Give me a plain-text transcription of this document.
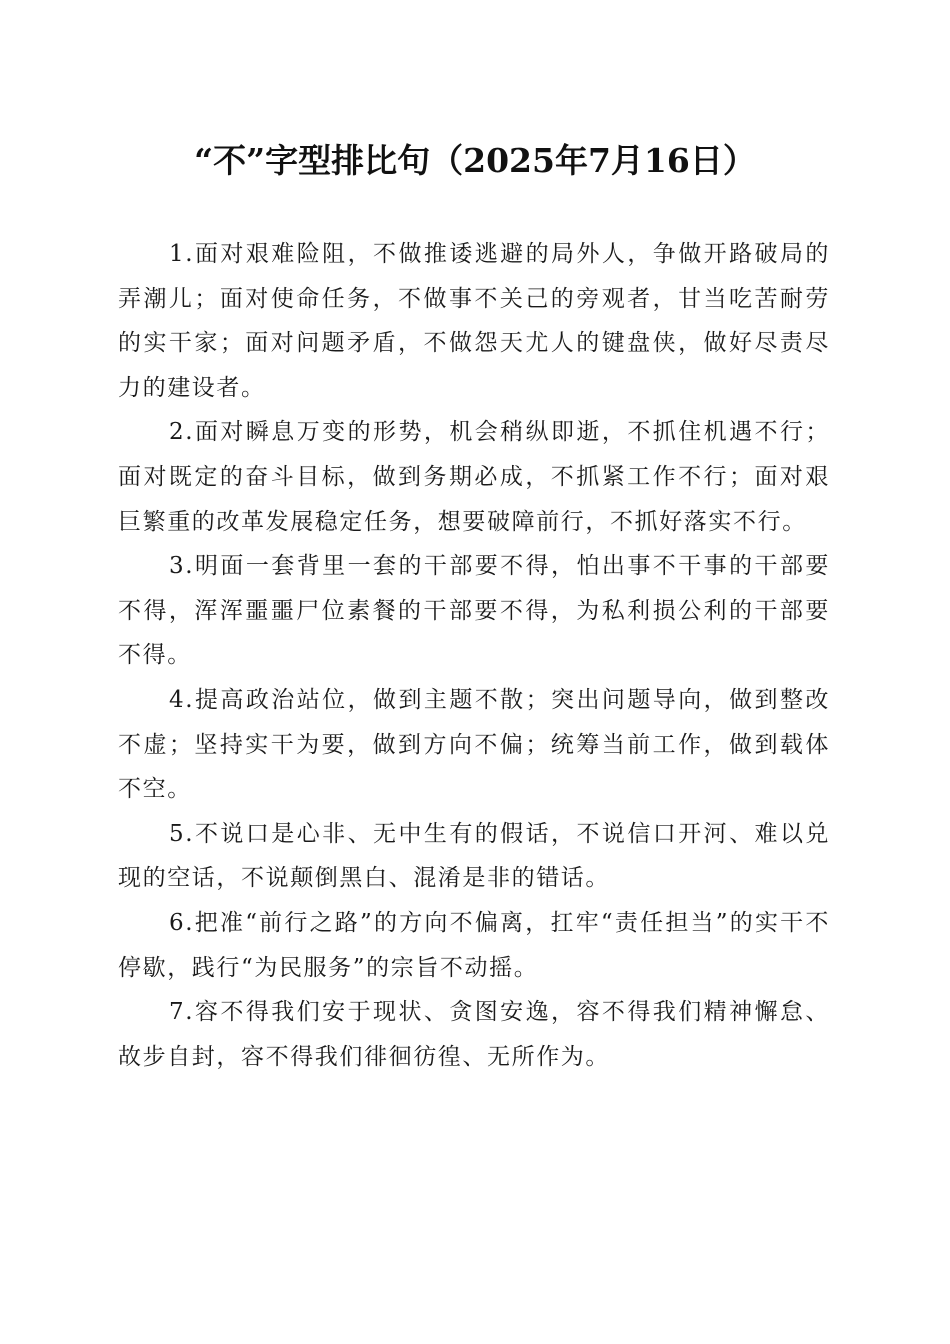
“不”字型排比句（2025年7月16日）

1.面对艰难险阻，不做推诿逃避的局外人，争做开路破局的弄潮儿；面对使命任务，不做事不关己的旁观者，甘当吃苦耐劳的实干家；面对问题矛盾，不做怨天尤人的键盘侠，做好尽责尽力的建设者。

2.面对瞬息万变的形势，机会稍纵即逝，不抓住机遇不行；面对既定的奋斗目标，做到务期必成，不抓紧工作不行；面对艰巨繁重的改革发展稳定任务，想要破障前行，不抓好落实不行。

3.明面一套背里一套的干部要不得，怕出事不干事的干部要不得，浑浑噩噩尸位素餐的干部要不得，为私利损公利的干部要不得。

4.提高政治站位，做到主题不散；突出问题导向，做到整改不虚；坚持实干为要，做到方向不偏；统筹当前工作，做到载体不空。

5.不说口是心非、无中生有的假话，不说信口开河、难以兑现的空话，不说颠倒黑白、混淆是非的错话。

6.把准“前行之路”的方向不偏离，扛牢“责任担当”的实干不停歇，践行“为民服务”的宗旨不动摇。

7.容不得我们安于现状、贪图安逸，容不得我们精神懈怠、故步自封，容不得我们徘徊彷徨、无所作为。
